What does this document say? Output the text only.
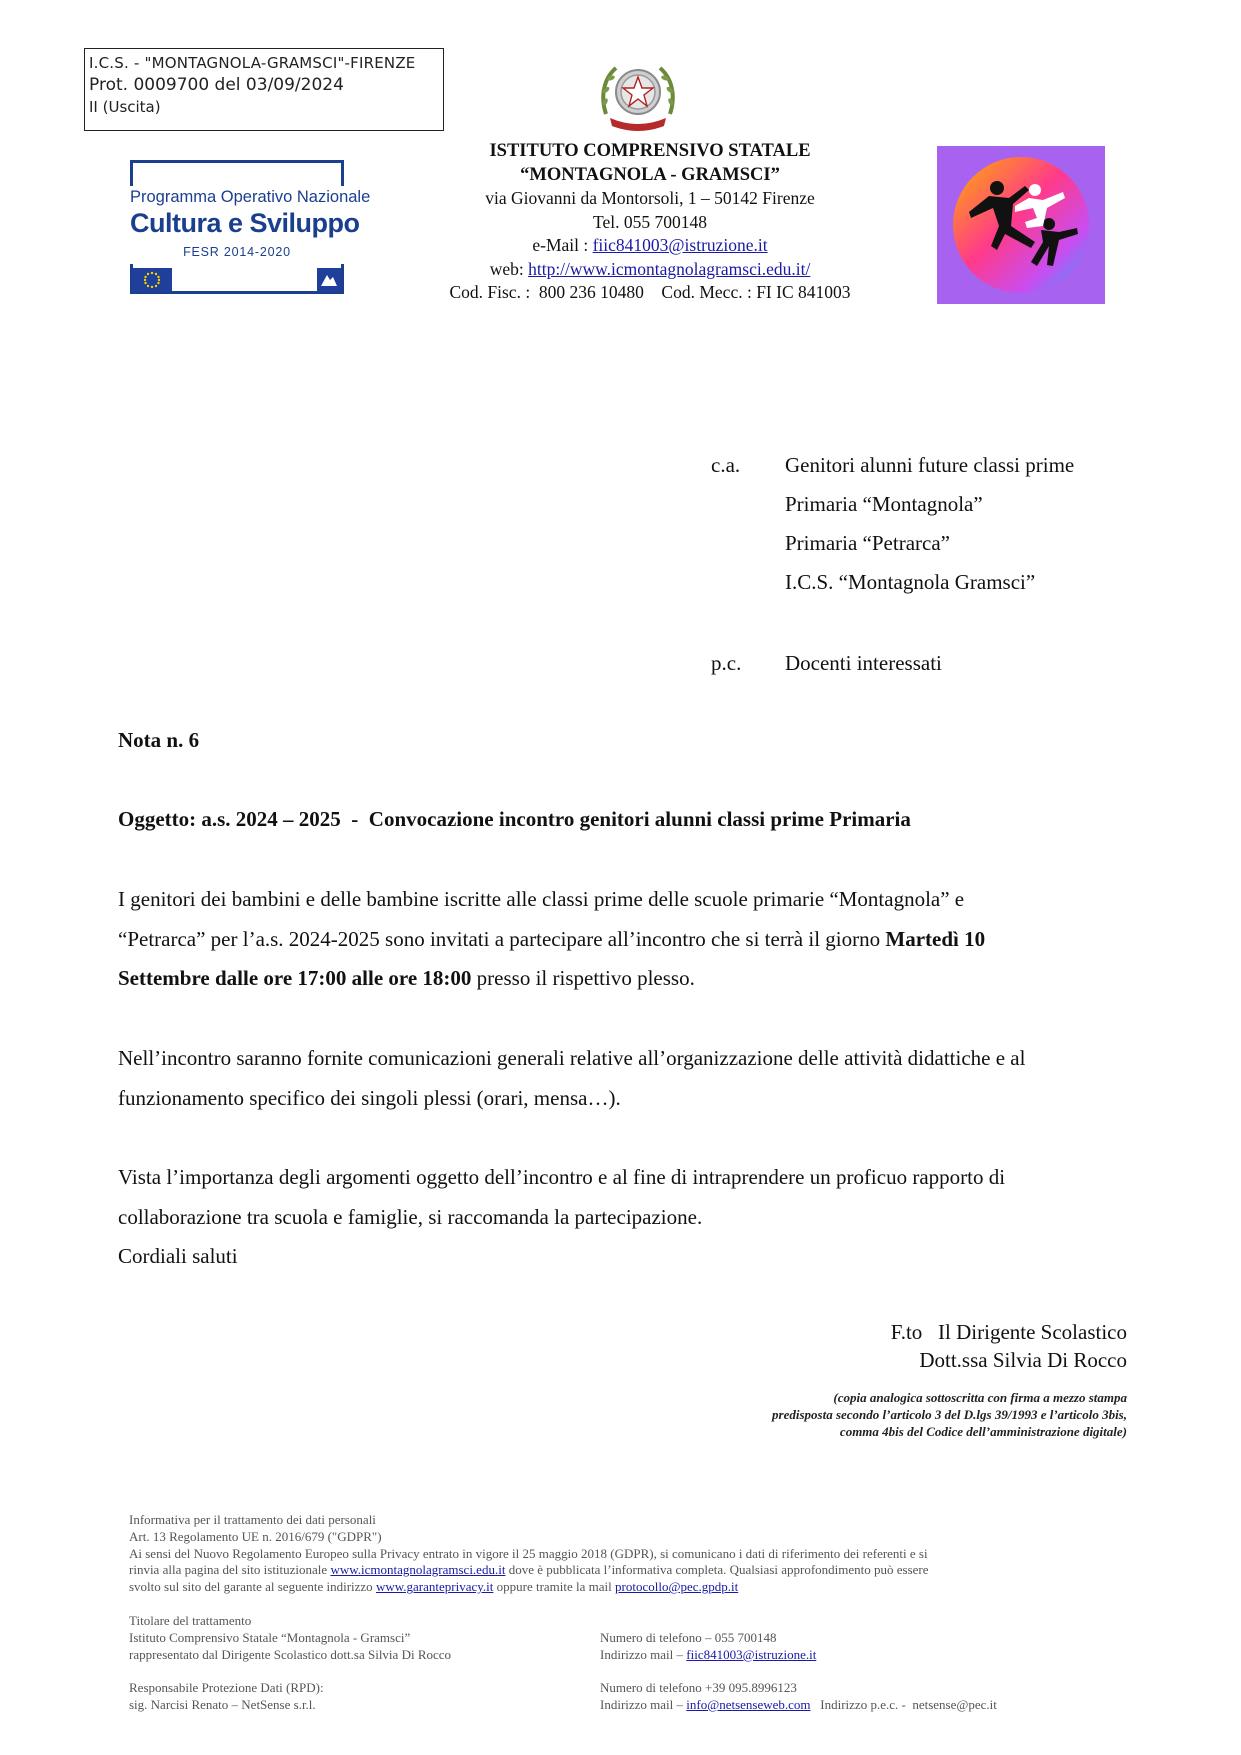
I.C.S. - "MONTAGNOLA-GRAMSCI"-FIRENZE
Prot. 0009700 del 03/09/2024
II (Uscita)
Programma Operativo Nazionale
Cultura e Sviluppo
FESR 2014-2020
ISTITUTO COMPRENSIVO STATALE
“MONTAGNOLA - GRAMSCI”
via Giovanni da Montorsoli, 1 – 50142 Firenze
Tel. 055 700148
e-Mail : fiic841003@istruzione.it
web: http://www.icmontagnolagramsci.edu.it/
Cod. Fisc. :  800 236 10480    Cod. Mecc. : FI IC 841003
c.a. Genitori alunni future classi prime
Primaria “Montagnola”
Primaria “Petrarca”
I.C.S. “Montagnola Gramsci”
p.c. Docenti interessati
Nota n. 6
Oggetto: a.s. 2024 – 2025  -  Convocazione incontro genitori alunni classi prime Primaria
I genitori dei bambini e delle bambine iscritte alle classi prime delle scuole primarie “Montagnola” e
“Petrarca” per l’a.s. 2024-2025 sono invitati a partecipare all’incontro che si terrà il giorno Martedì 10
Settembre dalle ore 17:00 alle ore 18:00 presso il rispettivo plesso.
Nell’incontro saranno fornite comunicazioni generali relative all’organizzazione delle attività didattiche e al
funzionamento specifico dei singoli plessi (orari, mensa…).
Vista l’importanza degli argomenti oggetto dell’incontro e al fine di intraprendere un proficuo rapporto di
collaborazione tra scuola e famiglie, si raccomanda la partecipazione.
Cordiali saluti
F.to   Il Dirigente Scolastico
Dott.ssa Silvia Di Rocco
(copia analogica sottoscritta con firma a mezzo stampa
predisposta secondo l’articolo 3 del D.lgs 39/1993 e l’articolo 3bis,
comma 4bis del Codice dell’amministrazione digitale)
Informativa per il trattamento dei dati personali
Art. 13 Regolamento UE n. 2016/679 ("GDPR")
Ai sensi del Nuovo Regolamento Europeo sulla Privacy entrato in vigore il 25 maggio 2018 (GDPR), si comunicano i dati di riferimento dei referenti e si
rinvia alla pagina del sito istituzionale www.icmontagnolagramsci.edu.it dove è pubblicata l’informativa completa. Qualsiasi approfondimento può essere
svolto sul sito del garante al seguente indirizzo www.garanteprivacy.it oppure tramite la mail protocollo@pec.gpdp.it
Titolare del trattamento
Istituto Comprensivo Statale “Montagnola - Gramsci”
rappresentato dal Dirigente Scolastico dott.sa Silvia Di Rocco
Numero di telefono – 055 700148
Indirizzo mail – fiic841003@istruzione.it
Responsabile Protezione Dati (RPD):
sig. Narcisi Renato – NetSense s.r.l.
Numero di telefono +39 095.8996123
Indirizzo mail – info@netsenseweb.com   Indirizzo p.e.c. -  netsense@pec.it
